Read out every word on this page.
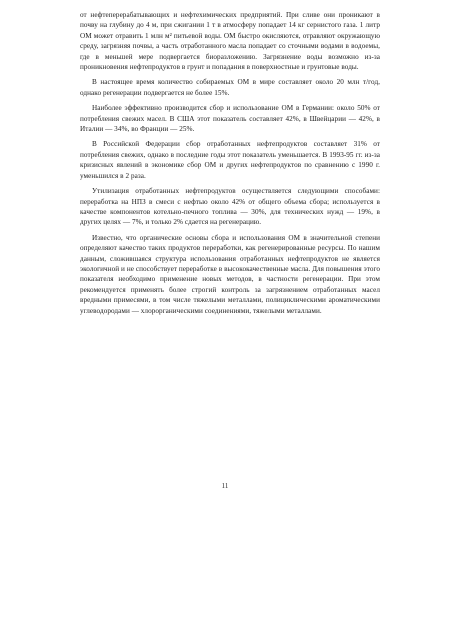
от нефтеперерабатывающих и нефтехимических предприятий. При сливе они проникают в почву на глубину до 4 м, при сжигании 1 т в атмосферу попадает 14 кг сернистого газа. 1 литр ОМ может отравить 1 млн м² питьевой воды. ОМ быстро окисляются, отравляют окружающую среду, загрязняя почвы, а часть отработанного масла попадает со сточными водами в водоемы, где в меньшей мере подвергается биоразложению. Загрязнение воды возможно из-за проникновения нефтепродуктов в грунт и попадания в поверхностные и грунтовые воды.

В настоящее время количество собираемых ОМ в мире составляет около 20 млн т/год, однако регенерации подвергается не более 15%.

Наиболее эффективно производится сбор и использование ОМ в Германии: около 50% от потребления свежих масел. В США этот показатель составляет 42%, в Швейцарии — 42%, в Италии — 34%, во Франции — 25%.

В Российской Федерации сбор отработанных нефтепродуктов составляет 31% от потребления свежих, однако в последние годы этот показатель уменьшается. В 1993-95 гг. из-за кризисных явлений в экономике сбор ОМ и других нефтепродуктов по сравнению с 1990 г. уменьшился в 2 раза.

Утилизация отработанных нефтепродуктов осуществляется следующими способами: переработка на НПЗ в смеси с нефтью около 42% от общего объема сбора; используется в качестве компонентов котельно-печного топлива — 30%, для технических нужд — 19%, в других целях — 7%, и только 2% сдается на регенерацию.

Известно, что органические основы сбора и использования ОМ в значительной степени определяют качество таких продуктов переработки, как регенерированные ресурсы. По нашим данным, сложившаяся структура использования отработанных нефтепродуктов не является экологичной и не способствует переработке в высококачественные масла. Для повышения этого показателя необходимо применение новых методов, в частности регенерации. При этом рекомендуется применять более строгий контроль за загрязнением отработанных масел вредными примесями, в том числе тяжелыми металлами, полициклическими ароматическими углеводородами — хлорорганическими соединениями, тяжелыми металлами.

11
